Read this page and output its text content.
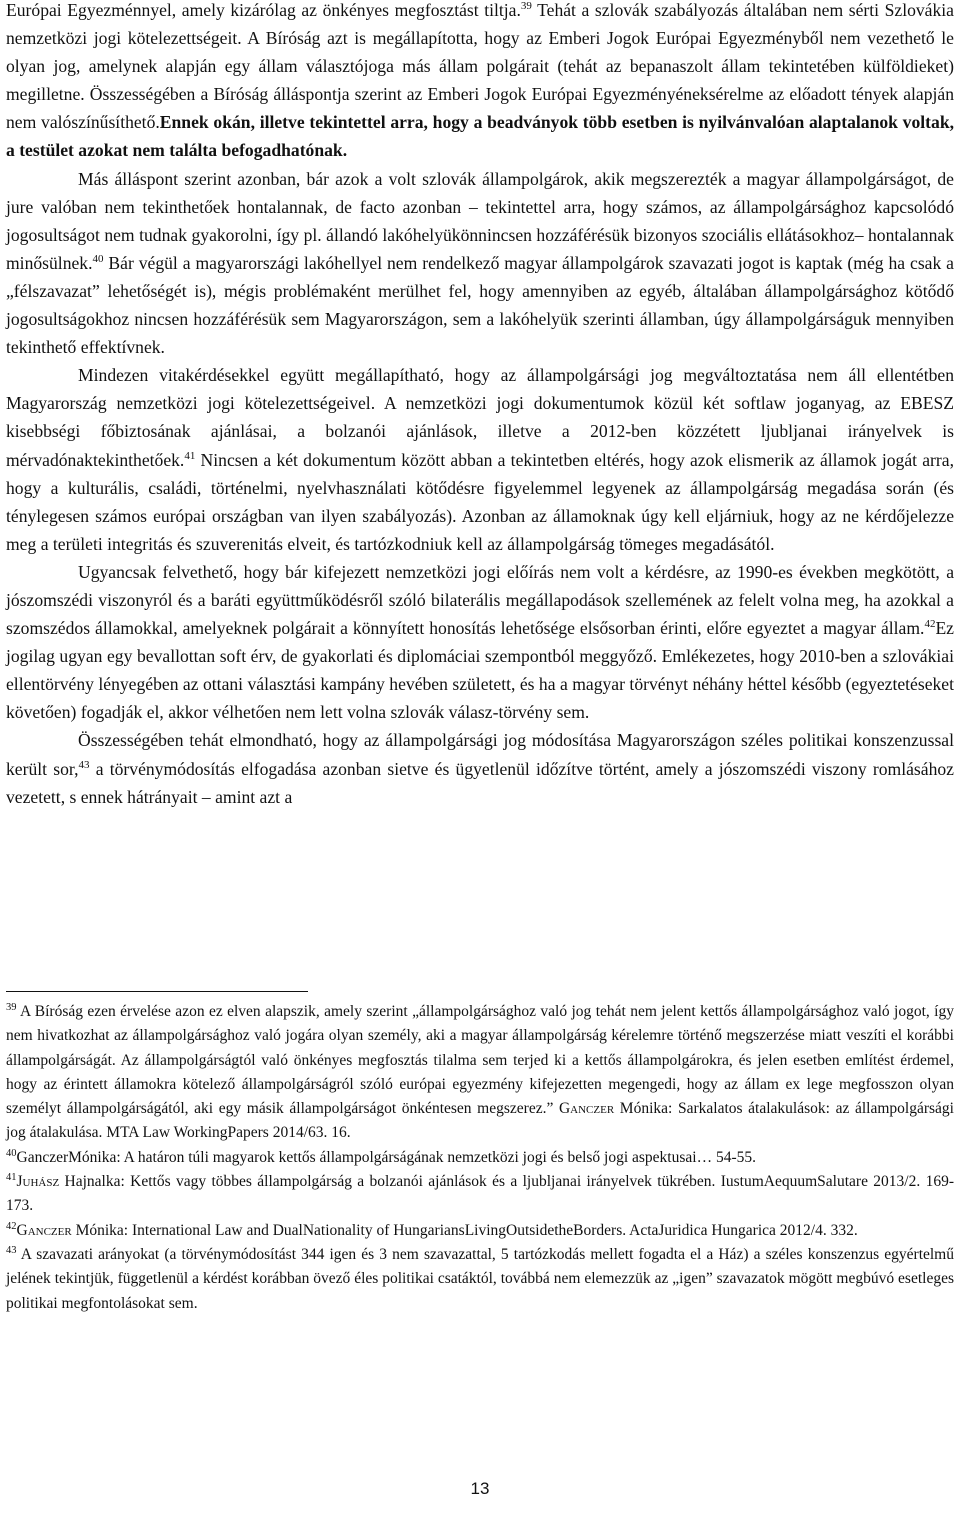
Európai Egyezménnyel, amely kizárólag az önkényes megfosztást tiltja.$^{39}$ Tehát a szlovák szabályozás általában nem sérti Szlovákia nemzetközi jogi kötelezettségeit. A Bíróság azt is megállapította, hogy az Emberi Jogok Európai Egyezményből nem vezethető le olyan jog, amelynek alapján egy állam választójoga más állam polgárait (tehát az bepanaszolt állam tekintetében külföldieket) megilletne. Összességében a Bíróság álláspontja szerint az Emberi Jogok Európai Egyezményéneksérelme az előadott tények alapján nem valószínűsíthető.Ennek okán, illetve tekintettel arra, hogy a beadványok több esetben is nyilvánvalóan alaptalanok voltak, a testület azokat nem találta befogadhatónak.

Más álláspont szerint azonban, bár azok a volt szlovák állampolgárok, akik megszerezték a magyar állampolgárságot, de jure valóban nem tekinthetőek hontalannak, de facto azonban – tekintettel arra, hogy számos, az állampolgársághoz kapcsolódó jogosultságot nem tudnak gyakorolni, így pl. állandó lakóhelyükönnincsen hozzáférésük bizonyos szociális ellátásokhoz– hontalannak minősülnek.$^{40}$ Bár végül a magyarországi lakóhellyel nem rendelkező magyar állampolgárok szavazati jogot is kaptak (még ha csak a „félszavazat” lehetőségét is), mégis problémaként merülhet fel, hogy amennyiben az egyéb, általában állampolgársághoz kötődő jogosultságokhoz nincsen hozzáférésük sem Magyarországon, sem a lakóhelyük szerinti államban, úgy állampolgárságuk mennyiben tekinthető effektívnek.

Mindezen vitakérdésekkel együtt megállapítható, hogy az állampolgársági jog megváltoztatása nem áll ellentétben Magyarország nemzetközi jogi kötelezettségeivel. A nemzetközi jogi dokumentumok közül két softlaw joganyag, az EBESZ kisebbségi főbiztosának ajánlásai, a bolzanói ajánlások, illetve a 2012-ben közzétett ljubljanai irányelvek is mérvadónaktekinthetőek.$^{41}$ Nincsen a két dokumentum között abban a tekintetben eltérés, hogy azok elismerik az államok jogát arra, hogy a kulturális, családi, történelmi, nyelvhasználati kötődésre figyelemmel legyenek az állampolgárság megadása során (és ténylegesen számos európai országban van ilyen szabályozás). Azonban az államoknak úgy kell eljárniuk, hogy az ne kérdőjelezze meg a területi integritás és szuverenitás elveit, és tartózkodniuk kell az állampolgárság tömeges megadásától.

Ugyancsak felvethető, hogy bár kifejezett nemzetközi jogi előírás nem volt a kérdésre, az 1990-es években megkötött, a jószomszédi viszonyról és a baráti együttműködésről szóló bilaterális megállapodások szellemének az felelt volna meg, ha azokkal a szomszédos államokkal, amelyeknek polgárait a könnyített honosítás lehetősége elsősorban érinti, előre egyeztet a magyar állam.$^{42}$Ez jogilag ugyan egy bevallottan soft érv, de gyakorlati és diplomáciai szempontból meggyőző. Emlékezetes, hogy 2010-ben a szlovákiai ellentörvény lényegében az ottani választási kampány hevében született, és ha a magyar törvényt néhány héttel később (egyeztetéseket követően) fogadják el, akkor vélhetően nem lett volna szlovák válasz-törvény sem.

Összességében tehát elmondható, hogy az állampolgársági jog módosítása Magyarországon széles politikai konszenzussal került sor,$^{43}$ a törvénymódosítás elfogadása azonban sietve és ügyetlenül időzítve történt, amely a jószomszédi viszony romlásához vezetett, s ennek hátrányait – amint azt a

$^{39}$ A Bíróság ezen érvelése azon ez elven alapszik, amely szerint „állampolgársághoz való jog tehát nem jelent kettős állampolgársághoz való jogot, így nem hivatkozhat az állampolgársághoz való jogára olyan személy, aki a magyar állampolgárság kérelemre történő megszerzése miatt veszíti el korábbi állampolgárságát. Az állampolgárságtól való önkényes megfosztás tilalma sem terjed ki a kettős állampolgárokra, és jelen esetben említést érdemel, hogy az érintett államokra kötelező állampolgárságról szóló európai egyezmény kifejezetten megengedi, hogy az állam ex lege megfosszon olyan személyt állampolgárságától, aki egy másik állampolgárságot önkéntesen megszerez.” Ganczer Mónika: Sarkalatos átalakulások: az állampolgársági jog átalakulása. MTA Law WorkingPapers 2014/63. 16.

$^{40}$GanczerMónika: A határon túli magyarok kettős állampolgárságának nemzetközi jogi és belső jogi aspektusai… 54-55.

$^{41}$Juhász Hajnalka: Kettős vagy többes állampolgárság a bolzanói ajánlások és a ljubljanai irányelvek tükrében. IustumAequumSalutare 2013/2. 169-173.

$^{42}$Ganczer Mónika: International Law and DualNationality of HungariansLivingOutsidetheBorders. ActaJuridica Hungarica 2012/4. 332.

$^{43}$ A szavazati arányokat (a törvénymódosítást 344 igen és 3 nem szavazattal, 5 tartózkodás mellett fogadta el a Ház) a széles konszenzus egyértelmű jelének tekintjük, függetlenül a kérdést korábban övező éles politikai csatáktól, továbbá nem elemezzük az „igen” szavazatok mögött megbúvó esetleges politikai megfontolásokat sem.

13
